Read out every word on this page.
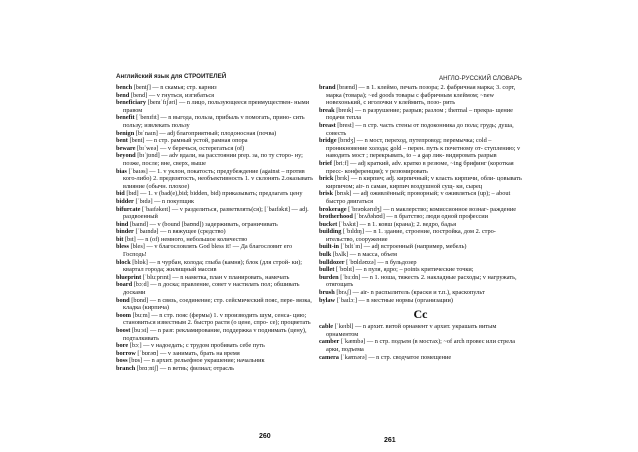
Английский язык для СТРОИТЕЛЕЙ	АНГЛО-РУССКИЙ СЛОВАРЬ

bench [bentʃ] — n скамья; стр. карниз

bend [bend] — v гнуться, изгибаться

beneficiary [benɪˈfɪʃəri] — n лицо, пользующееся преимуществен- ными правом

benefit [ˈbenɪfɪt] — n выгода, польза, прибыль v помогать, прино- сить пользу; извлекать пользу

benign [bɪˈnaɪn] — adj благоприятный; плодоносная (почва)

bent [bent] — n стр. рамный устой, рамная опора

beware [bɪˈweə] — v беречься, остерегаться (of)

beyond [bɪˈjɒnd] — adv вдали, на расстоянии prep. за, по ту сторо- ну; позже, после; вне, сверх, выше

bias [ˈbaɪəs] — 1. v уклон, покатость; предубеждение (against – против кого-либо) 2. предвзятость, необъективность 1. v склонять 2.оказывать влияние (обычн. плохое)

bid [bɪd] — 1. v (bad(e),bid; bidden, bid) приказывать; предлагать цену

bidder [ˈbɪdə] — n покупщик

bifurcate [ˈbaɪfəkeɪt] — v разделиться, разветвлять(ся); [ˈbaɪfəkɪt] — adj. раздвоенный

bind [baɪnd] — v (bound [baʊnd]) задерживать, ограничивать

binder [ˈbaɪndə] — n вяжущее (средство)

bit [bɪt] — n (of) немного, небольшое количество

bless [bles] — v благословлять God bless it! — Да благословит его Господь!

block [blɒk] — n чурбан, колода; глыба (камня); блок (для строй- ки); квартал города; жилищный массив

blueprint [ˈbluːprɪnt] — n наметка, план v планировать, намечать

board [bɔːd] — n доска; правление, совет v настилать пол; обшивать досками

bond [bɒnd] — n связь, соединение; стр. сейсмический пояс, пере- вязка, кладка (кирпича)

boom [buːm] — n стр. пояс (фермы) 1. v производить шум, сенса- цию; становиться известным 2. быстро расти (о цене, спро- се); процветать

boost [buːst] — n разг. рекламирование, поддержка v поднимать (цену), подталкивать

bore [bɔː] — v надоедать; с трудом пробивать себе путь

borrow [ˈbɒrəʊ] — v занимать, брать на время

boss [bɒs] — n архит. рельефное украшение; начальник

branch [brɑːntʃ] — n ветвь; филиал; отрасль

brand [brænd] — n 1. клеймо, печать позора; 2. фабричная марка; 3. сорт, марка (товара); ~ed goods товары с фабричным клеймом; ~new новехонький, с иголочки v клеймить, позо- рить

break [breɪk] — n разрушение; разрыв; разлом ; thermal – прекра- щение подачи тепла

breast [brest] — n стр. часть стены от подоконника до пола; грудь; душа, совесть

bridge [brɪdʒ] — n мост, переход, путепровод; перемычка; cold – проникновение холода; gold – перен. путь к почетному от- ступлению; v наводить мост ; перекрывать, to – a gap лик- видировать разрыв

brief [briːf] — adj краткий, adv. кратко в резюме, ~ing брифинг (короткая пресс- конференция); v резюмировать

brick [brɪk] — n кирпич; adj. кирпичный; v класть кирпичи, обли- цовывать кирпичом; air- n саман, кирпич воздушной сущ- ки, сырец

brisk [brɪsk] — adj оживлённый; проворный; v оживляться (up); – about быстро двигаться

brokerage [ˈbrəʊkərɪdʒ] — n маклерство; комиссионное вознаг- раждение

brotherhood [ˈbrʌðəhʊd] — n братство; люди одной профессии

bucket [ˈbʌkɪt] — n 1. ковш (крана); 2. ведро, бадья

building [ˈbɪldɪŋ] — n 1. здание, строение, постройка, дом 2. стро- ительство, сооружение

built-in [ˈbɪltˈɪn] — adj встроенный (например, мебель)

bulk [bʌlk] — n масса, объем

bulldozer [ˈbʊldəʊzə] — n бульдозер

bullet [ˈbʊlɪt] — n пуля, ядро; – points критические точки;

burden [ˈbɜːdn] — n 1. ноша, тяжесть 2. накладные расходы; v нагружать, отягощать

brush [brʌʃ] — air- n распылитель (краски и т.п.), краскопульт

bylaw [ˈbaɪlɔː] — n местные нормы (организации)

Cc

cable [ˈkeɪbl] — n архит. витой орнамент v архит. украшать витым орнаментом

camber [ˈkæmbə] — n стр. подъем (в мостах); ~of arch провес или стрела арки, подъема

camera [ˈkæmərə] — n стр. сводчатое помещение

260
261
